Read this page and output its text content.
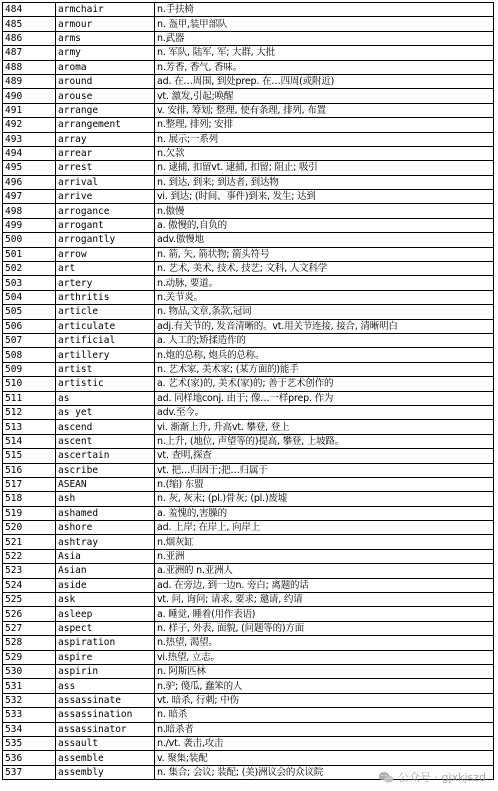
484	armchair	n.手扶椅
485	armour	n. 盔甲,装甲部队
486	arms	n.武器
487	army	n. 军队, 陆军, 军; 大群, 大批
488	aroma	n.芳香, 香气, 香味。
489	around	ad. 在…周围, 到处prep. 在…四周(或附近)
490	arouse	vt. 激发,引起;唤醒
491	arrange	v. 安排, 筹划; 整理, 使有条理, 排列, 布置
492	arrangement	n.整理, 排列; 安排
493	array	n. 展示;一系列
494	arrear	n.欠款
495	arrest	n. 逮捕, 扣留vt. 逮捕, 扣留; 阻止; 吸引
496	arrival	n. 到达, 到来; 到达者, 到达物
497	arrive	vi. 到达; (时间、事件)到来, 发生; 达到
498	arrogance	n.傲慢
499	arrogant	a. 傲慢的,自负的
500	arrogantly	adv.傲慢地
501	arrow	n. 箭, 矢, 箭状物; 箭头符号
502	art	n. 艺术, 美术, 技术, 技艺; 文科, 人文科学
503	artery	n.动脉, 要道。
504	arthritis	n.关节炎。
505	article	n. 物品,文章,条款,冠词
506	articulate	adj.有关节的, 发音清晰的。vt.用关节连接, 接合, 清晰明白
507	artificial	a. 人工的;矫揉造作的
508	artillery	n.炮的总称, 炮兵的总称。
509	artist	n. 艺术家, 美术家; (某方面的)能手
510	artistic	a. 艺术(家)的, 美术(家)的; 善于艺术创作的
511	as	ad. 同样地conj. 由于; 像…一样prep. 作为
512	as yet	adv.至今。
513	ascend	vi. 渐渐上升, 升高vt. 攀登, 登上
514	ascent	n.上升, (地位, 声望等的)提高, 攀登, 上坡路。
515	ascertain	vt. 查明,探查
516	ascribe	vt. 把…归因于;把…归属于
517	ASEAN	n.(缩) 东盟
518	ash	n. 灰, 灰末; (pl.)骨灰; (pl.)废墟
519	ashamed	a. 羞愧的,害臊的
520	ashore	ad. 上岸; 在岸上, 向岸上
521	ashtray	n.烟灰缸
522	Asia	n.亚洲
523	Asian	a.亚洲的 n.亚洲人
524	aside	ad. 在旁边, 到一边n. 旁白; 离题的话
525	ask	vt. 问, 询问; 请求, 要求; 邀请, 约请
526	asleep	a. 睡觉, 睡着(用作表语)
527	aspect	n. 样子, 外表, 面貌, (问题等的)方面
528	aspiration	n.热望, 渴望。
529	aspire	vi.热望, 立志。
530	aspirin	n. 阿斯匹林
531	ass	n.驴; 傻瓜, 蠢笨的人
532	assassinate	vt. 暗杀, 行刺; 中伤
533	assassination	n. 暗杀
534	assassinator	n.暗杀者
535	assault	n./vt. 袭击,攻击
536	assemble	v. 聚集;装配
537	assembly	n. 集合; 会议; 装配; (美)洲议会的众议院	公众号 · gjxkjszd
